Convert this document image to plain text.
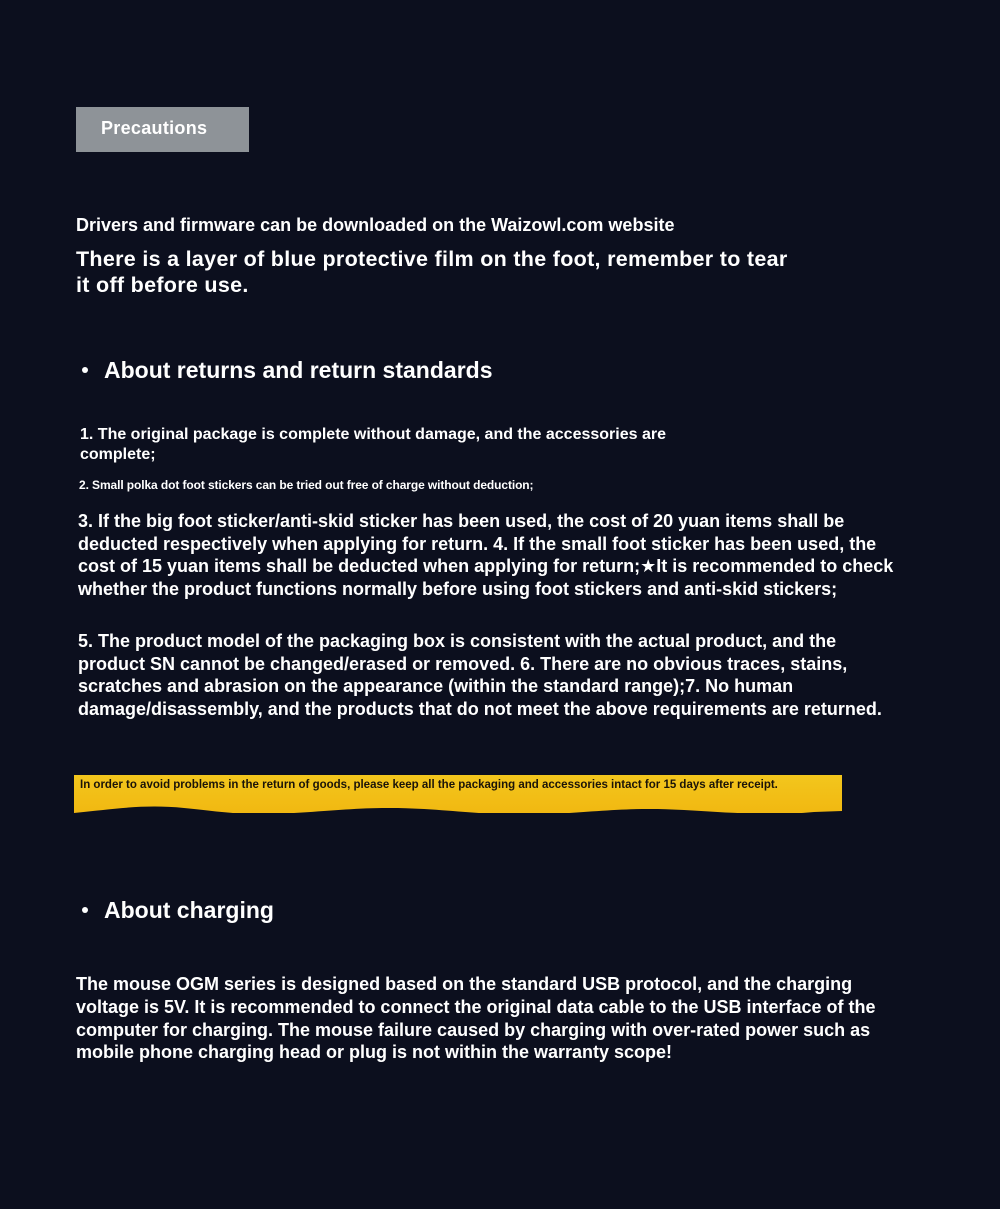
Precautions
Drivers and firmware can be downloaded on the Waizowl.com website
There is a layer of blue protective film on the foot, remember to tear it off before use.
About returns and return standards
1. The original package is complete without damage, and the accessories are complete;
2. Small polka dot foot stickers can be tried out free of charge without deduction;
3. If the big foot sticker/anti-skid sticker has been used, the cost of 20 yuan items shall be deducted respectively when applying for return. 4. If the small foot sticker has been used, the cost of 15 yuan items shall be deducted when applying for return;★It is recommended to check whether the product functions normally before using foot stickers and anti-skid stickers;
5. The product model of the packaging box is consistent with the actual product, and the product SN cannot be changed/erased or removed. 6. There are no obvious traces, stains, scratches and abrasion on the appearance (within the standard range);7. No human damage/disassembly, and the products that do not meet the above requirements are returned.
In order to avoid problems in the return of goods, please keep all the packaging and accessories intact for 15 days after receipt.
About charging
The mouse OGM series is designed based on the standard USB protocol, and the charging voltage is 5V. It is recommended to connect the original data cable to the USB interface of the computer for charging. The mouse failure caused by charging with over-rated power such as mobile phone charging head or plug is not within the warranty scope!
